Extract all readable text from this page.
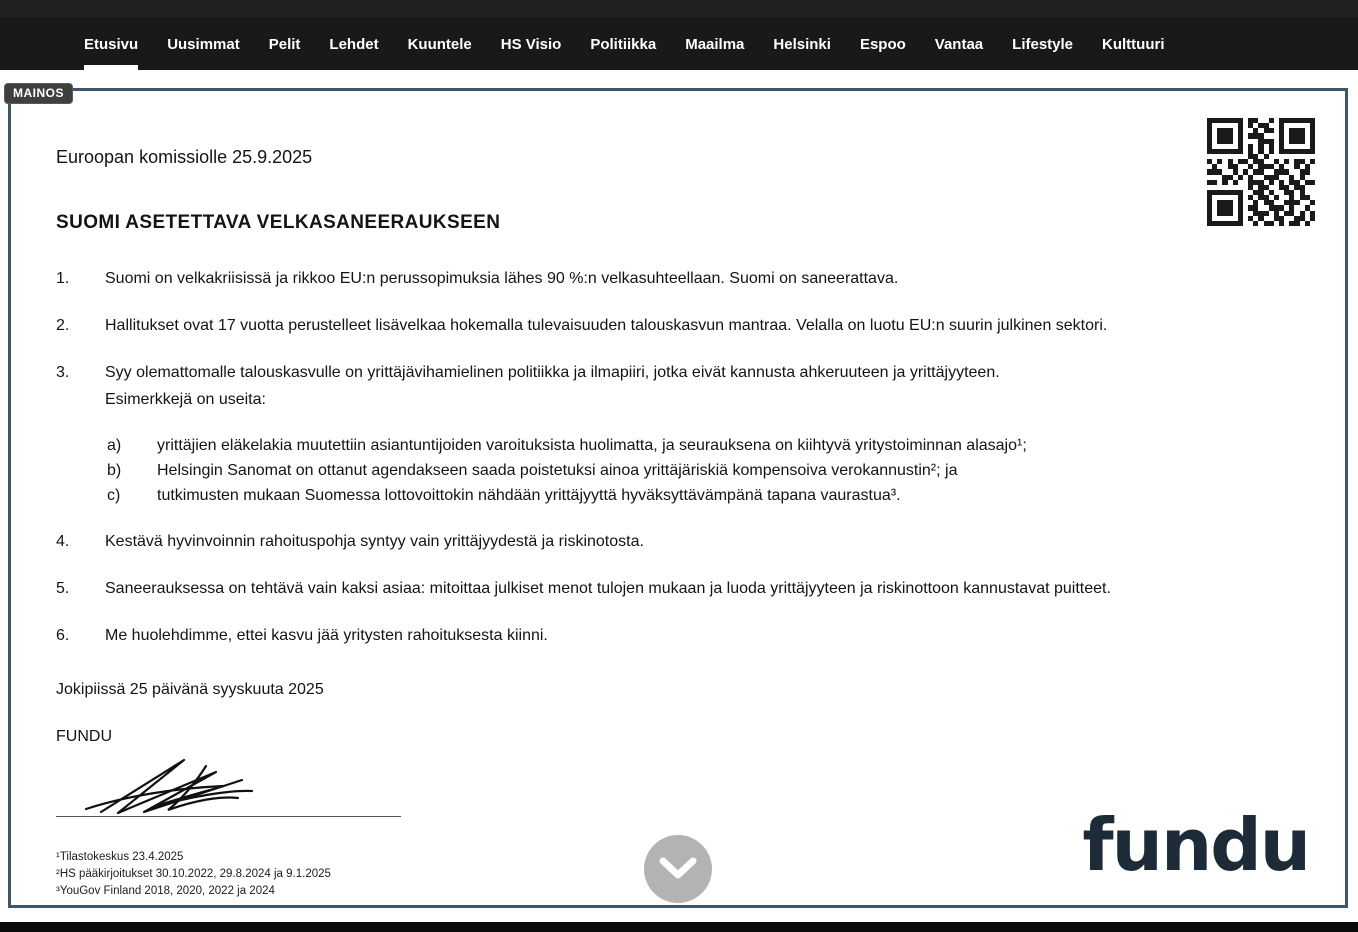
Etusivu Uusimmat Pelit Lehdet Kuuntele HS Visio Politiikka Maailma Helsinki Espoo Vantaa Lifestyle Kulttuuri
MAINOS

Euroopan komissiolle 25.9.2025

SUOMI ASETETTAVA VELKASANEERAUKSEEN
1.	Suomi on velkakriisissä ja rikkoo EU:n perussopimuksia lähes 90 %:n velkasuhteellaan. Suomi on saneerattava.
2.	Hallitukset ovat 17 vuotta perustelleet lisävelkaa hokemalla tulevaisuuden talouskasvun mantraa. Velalla on luotu EU:n suurin julkinen sektori.
3.	Syy olemattomalle talouskasvulle on yrittäjävihamielinen politiikka ja ilmapiiri, jotka eivät kannusta ahkeruuteen ja yrittäjyyteen.
Esimerkkejä on useita:
a)	yrittäjien eläkelakia muutettiin asiantuntijoiden varoituksista huolimatta, ja seurauksena on kiihtyvä yritystoiminnan alasajo¹;
b)	Helsingin Sanomat on ottanut agendakseen saada poistetuksi ainoa yrittäjäriskiä kompensoiva verokannustin²; ja
c)	tutkimusten mukaan Suomessa lottovoittokin nähdään yrittäjyyttä hyväksyttävämpänä tapana vaurastua³.
4.	Kestävä hyvinvoinnin rahoituspohja syntyy vain yrittäjyydestä ja riskinotosta.
5.	Saneerauksessa on tehtävä vain kaksi asiaa: mitoittaa julkiset menot tulojen mukaan ja luoda yrittäjyyteen ja riskinottoon kannustavat puitteet.
6.	Me huolehdimme, ettei kasvu jää yritysten rahoituksesta kiinni.

Jokipiissä 25 päivänä syyskuuta 2025

FUNDU

¹Tilastokeskus 23.4.2025
²HS pääkirjoitukset 30.10.2022, 29.8.2024 ja 9.1.2025
³YouGov Finland 2018, 2020, 2022 ja 2024
fundu
